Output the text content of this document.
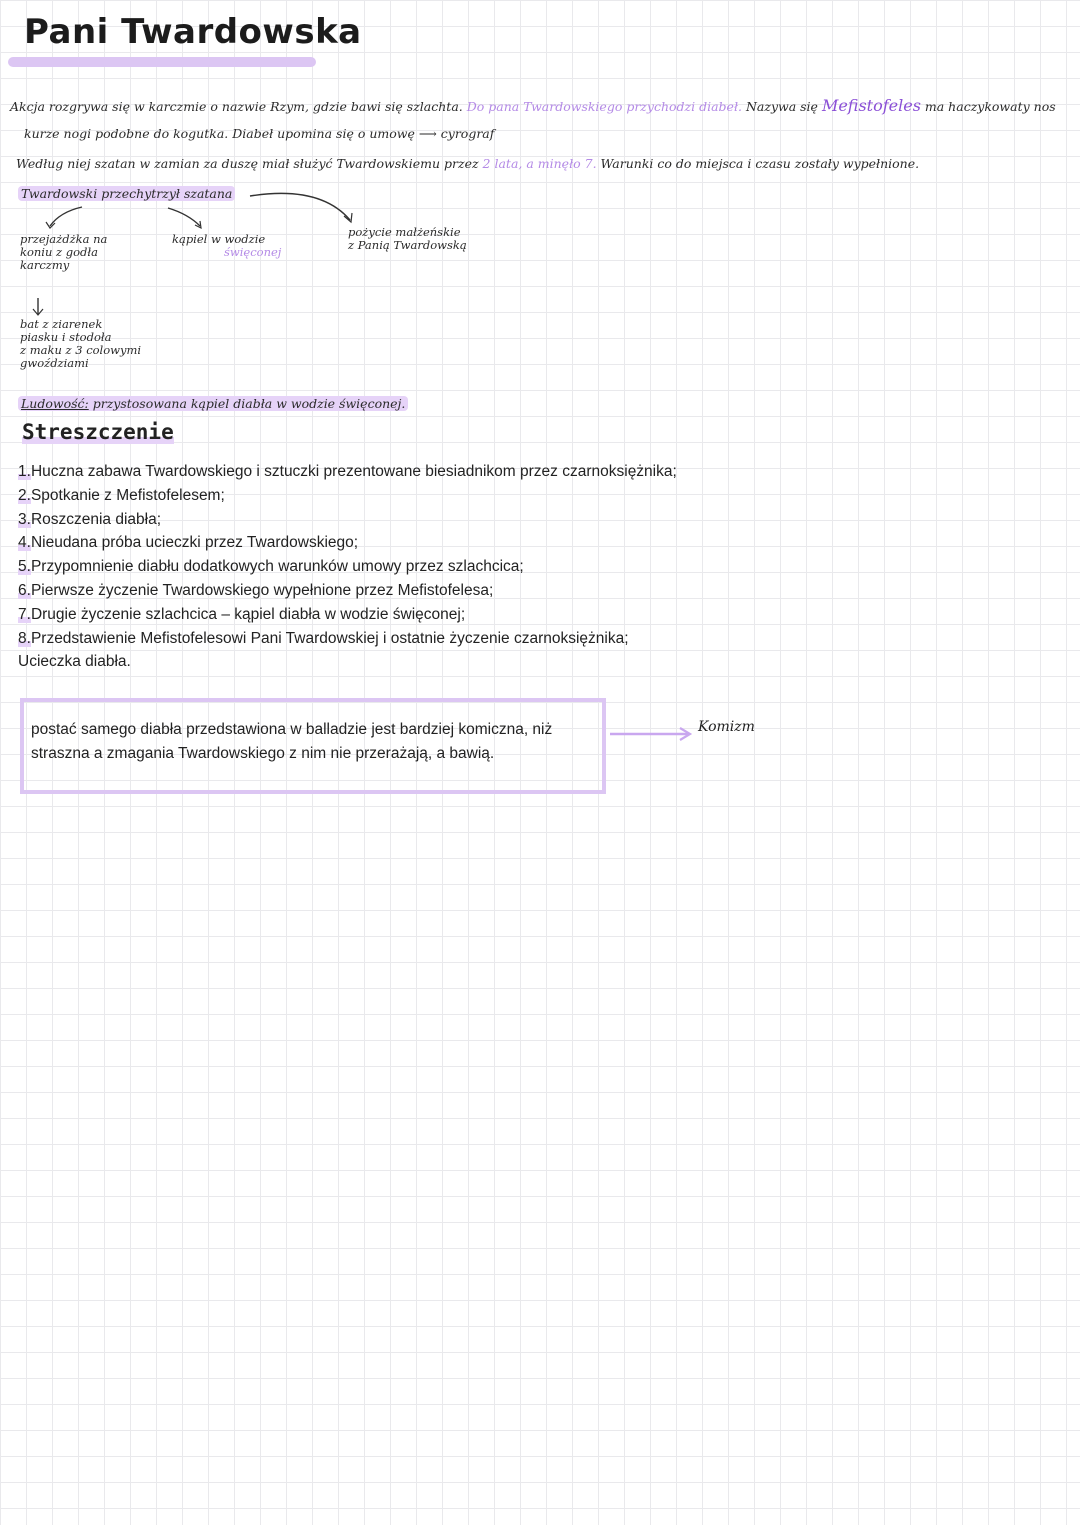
Pani Twardowska
Akcja rozgrywa się w karczmie o nazwie Rzym, gdzie bawi się szlachta. Do pana Twardowskiego przychodzi diabeł. Nazywa się Mefistofeles ma haczykowaty nos
kurze nogi podobne do kogutka. Diabeł upomina się o umowę ⟶ cyrograf
Według niej szatan w zamian za duszę miał służyć Twardowskiemu przez 2 lata, a minęło 7. Warunki co do miejsca i czasu zostały wypełnione.
Twardowski przechytrzył szatana
przejażdżka na
koniu z godła
karczmy
bat z ziarenek
piasku i stodoła
z maku z 3 colowymi
gwoździami
kąpiel w wodzie
święconej
pożycie małżeńskie
z Panią Twardowską
Ludowość: przystosowana kąpiel diabła w wodzie święconej.
Streszczenie
1.Huczna zabawa Twardowskiego i sztuczki prezentowane biesiadnikom przez czarnoksiężnika;
2.Spotkanie z Mefistofelesem;
3.Roszczenia diabła;
4.Nieudana próba ucieczki przez Twardowskiego;
5.Przypomnienie diabłu dodatkowych warunków umowy przez szlachcica;
6.Pierwsze życzenie Twardowskiego wypełnione przez Mefistofelesa;
7.Drugie życzenie szlachcica – kąpiel diabła w wodzie święconej;
8.Przedstawienie Mefistofelesowi Pani Twardowskiej i ostatnie życzenie czarnoksiężnika;
Ucieczka diabła.
postać samego diabła przedstawiona w balladzie jest bardziej komiczna, niż straszna a zmagania Twardowskiego z nim nie przerażają, a bawią.
Komizm
